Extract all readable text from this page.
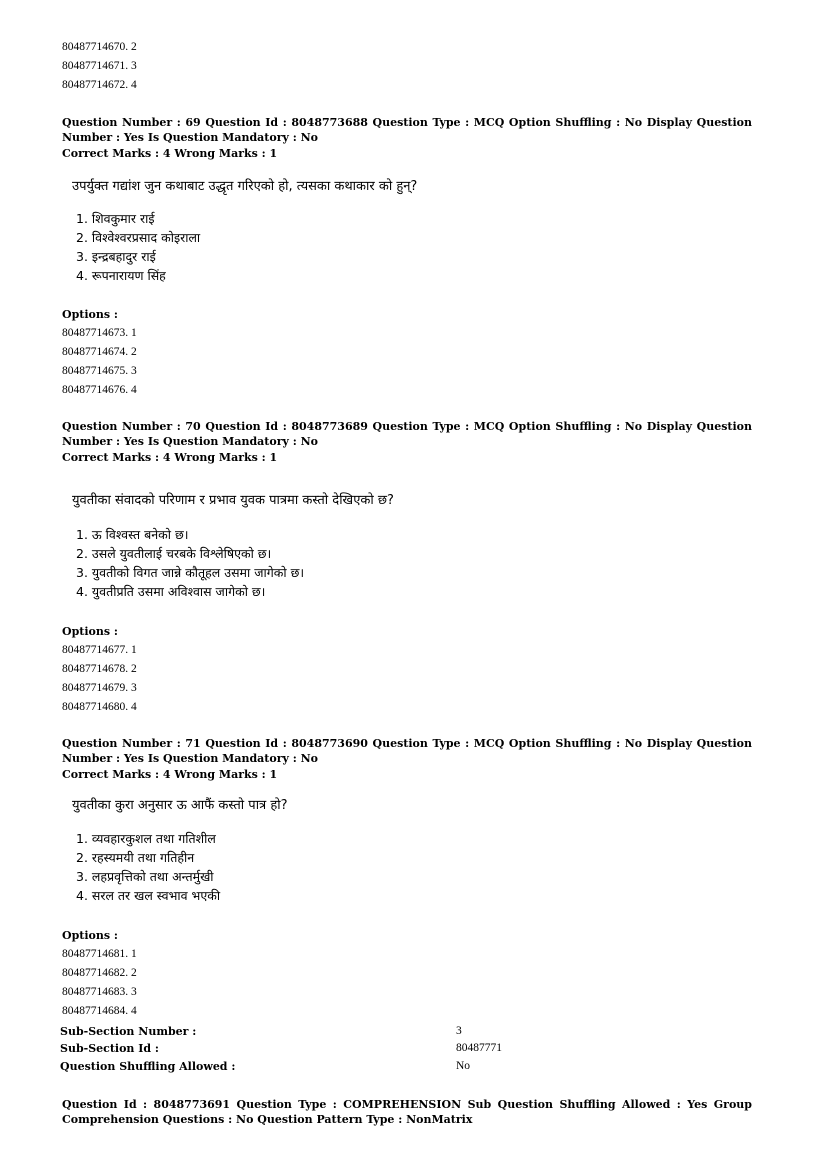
80487714670. 2
80487714671. 3
80487714672. 4
Question Number : 69 Question Id : 8048773688 Question Type : MCQ Option Shuffling : No Display Question Number : Yes Is Question Mandatory : No
Correct Marks : 4 Wrong Marks : 1
उपर्युक्त गद्यांश जुन कथाबाट उद्धृत गरिएको हो, त्यसका कथाकार को हुन्?
1. शिवकुमार राई
2. विश्वेश्वरप्रसाद कोइराला
3. इन्द्रबहादुर राई
4. रूपनारायण सिंह
Options :
80487714673. 1
80487714674. 2
80487714675. 3
80487714676. 4
Question Number : 70 Question Id : 8048773689 Question Type : MCQ Option Shuffling : No Display Question Number : Yes Is Question Mandatory : No
Correct Marks : 4 Wrong Marks : 1
युवतीका संवादको परिणाम र प्रभाव युवक पात्रमा कस्तो देखिएको छ?
1. ऊ विश्वस्त बनेको छ।
2. उसले युवतीलाई चरबके विश्लेषिएको छ।
3. युवतीको विगत जान्ने कौतूहल उसमा जागेको छ।
4. युवतीप्रति उसमा अविश्वास जागेको छ।
Options :
80487714677. 1
80487714678. 2
80487714679. 3
80487714680. 4
Question Number : 71 Question Id : 8048773690 Question Type : MCQ Option Shuffling : No Display Question Number : Yes Is Question Mandatory : No
Correct Marks : 4 Wrong Marks : 1
युवतीका कुरा अनुसार ऊ आफैं कस्तो पात्र हो?
1. व्यवहारकुशल तथा गतिशील
2. रहस्यमयी तथा गतिहीन
3. लहप्रवृत्तिको तथा अन्तर्मुखी
4. सरल तर खल स्वभाव भएकी
Options :
80487714681. 1
80487714682. 2
80487714683. 3
80487714684. 4
Sub-Section Number :	3
Sub-Section Id :	80487771
Question Shuffling Allowed :	No
Question Id : 8048773691 Question Type : COMPREHENSION Sub Question Shuffling Allowed : Yes Group Comprehension Questions : No Question Pattern Type : NonMatrix
